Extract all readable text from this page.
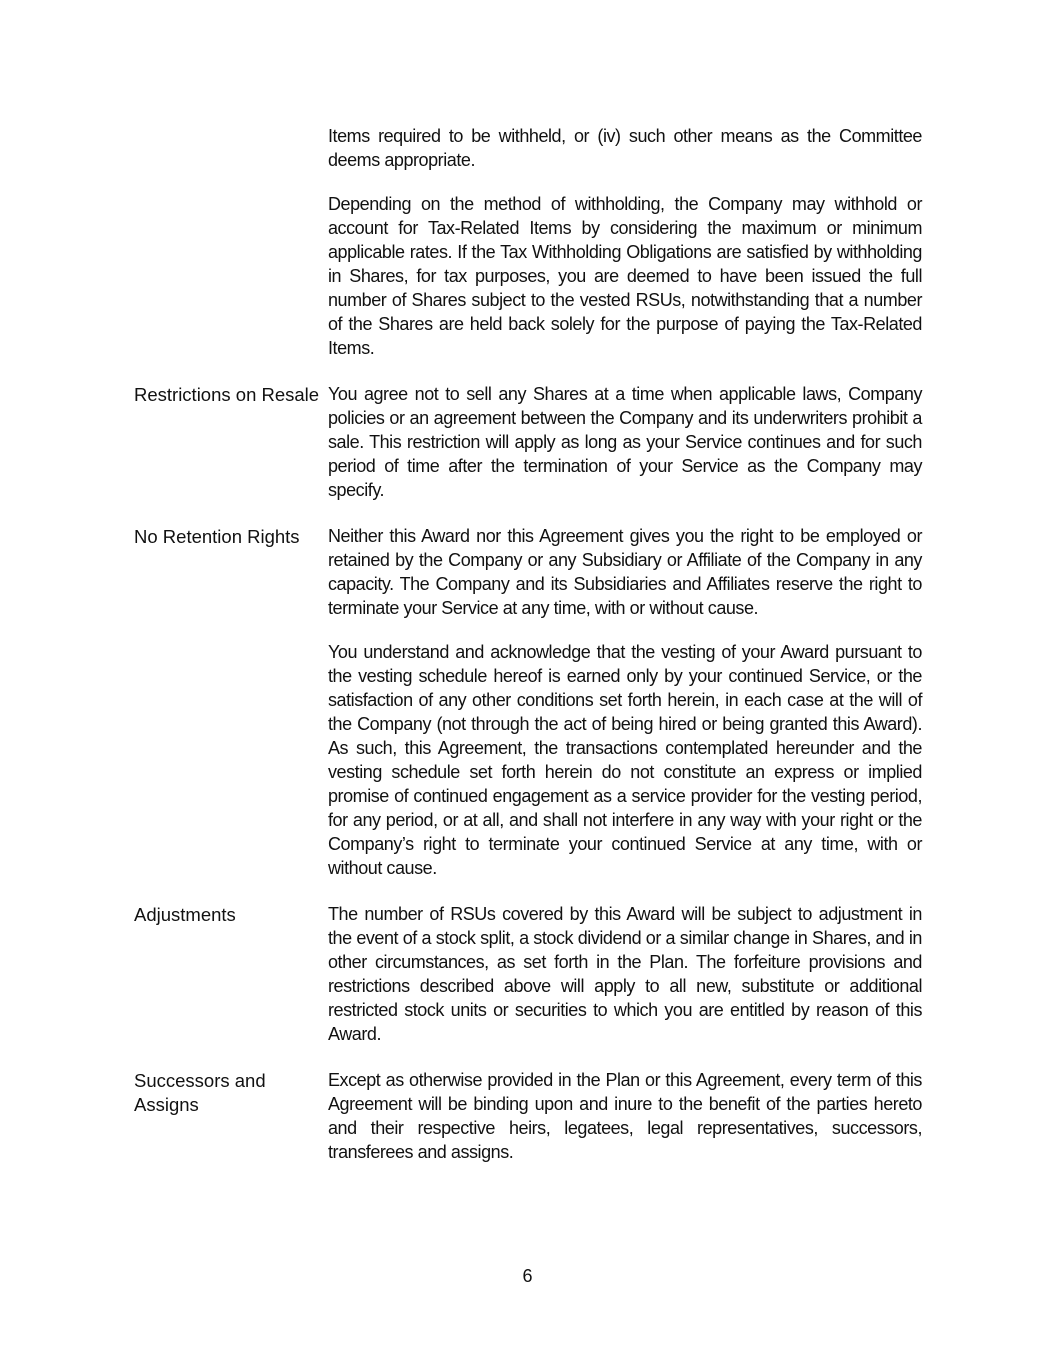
Items required to be withheld, or (iv) such other means as the Committee deems appropriate.

Depending on the method of withholding, the Company may withhold or account for Tax-Related Items by considering the maximum or minimum applicable rates. If the Tax Withholding Obligations are satisfied by withholding in Shares, for tax purposes, you are deemed to have been issued the full number of Shares subject to the vested RSUs, notwithstanding that a number of the Shares are held back solely for the purpose of paying the Tax-Related Items.

Restrictions on Resale You agree not to sell any Shares at a time when applicable laws, Company policies or an agreement between the Company and its underwriters prohibit a sale. This restriction will apply as long as your Service continues and for such period of time after the termination of your Service as the Company may specify.

No Retention Rights	Neither this Award nor this Agreement gives you the right to be employed or retained by the Company or any Subsidiary or Affiliate of the Company in any capacity. The Company and its Subsidiaries and Affiliates reserve the right to terminate your Service at any time, with or without cause.

You understand and acknowledge that the vesting of your Award pursuant to the vesting schedule hereof is earned only by your continued Service, or the satisfaction of any other conditions set forth herein, in each case at the will of the Company (not through the act of being hired or being granted this Award). As such, this Agreement, the transactions contemplated hereunder and the vesting schedule set forth herein do not constitute an express or implied promise of continued engagement as a service provider for the vesting period, for any period, or at all, and shall not interfere in any way with your right or the Company’s right to terminate your continued Service at any time, with or without cause.

Adjustments	The number of RSUs covered by this Award will be subject to adjustment in the event of a stock split, a stock dividend or a similar change in Shares, and in other circumstances, as set forth in the Plan. The forfeiture provisions and restrictions described above will apply to all new, substitute or additional restricted stock units or securities to which you are entitled by reason of this Award.

Successors and Assigns

Except as otherwise provided in the Plan or this Agreement, every term of this Agreement will be binding upon and inure to the benefit of the parties hereto and their respective heirs, legatees, legal representatives, successors, transferees and assigns.

6
